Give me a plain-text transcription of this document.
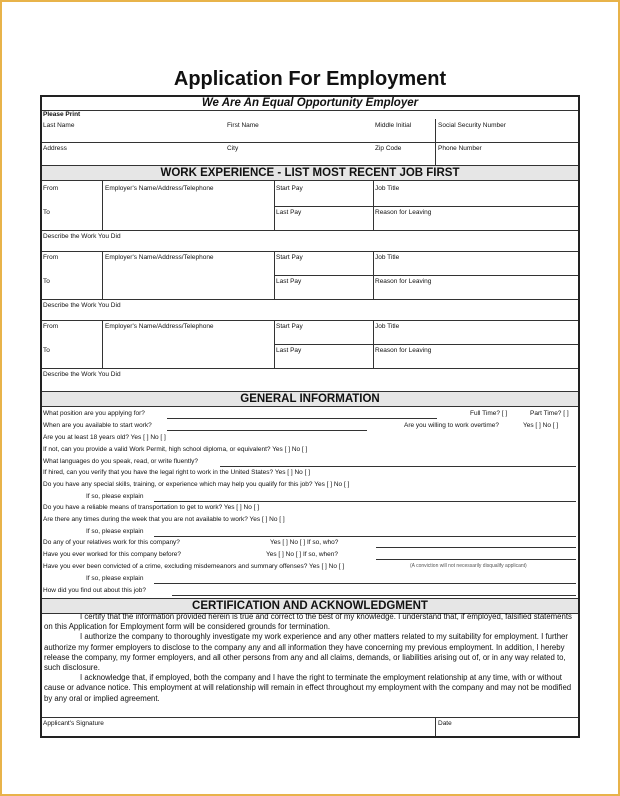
Application For Employment
We Are An Equal Opportunity Employer
Please Print
Last Name	First Name	Middle Initial	Social Security Number
Address	City	Zip Code	Phone Number
WORK EXPERIENCE - LIST MOST RECENT JOB FIRST
From	Employer's Name/Address/Telephone	Start Pay	Job Title
To	Last Pay	Reason for Leaving
Describe the Work You Did
From	Employer's Name/Address/Telephone	Start Pay	Job Title
To	Last Pay	Reason for Leaving
Describe the Work You Did
From	Employer's Name/Address/Telephone	Start Pay	Job Title
To	Last Pay	Reason for Leaving
Describe the Work You Did
GENERAL INFORMATION
What position are you applying for?	Full Time? [ ]	Part Time? [ ]
When are you available to start work?	Are you willing to work overtime?	Yes [ ] No [ ]
Are you at least 18 years old? Yes [ ] No [ ]
If not, can you provide a valid Work Permit, high school diploma, or equivalent? Yes [ ] No [ ]
What languages do you speak, read, or write fluently?
If hired, can you verify that you have the legal right to work in the United States? Yes [ ] No [ ]
Do you have any special skills, training, or experience which may help you qualify for this job? Yes [ ] No [ ]
If so, please explain
Do you have a reliable means of transportation to get to work? Yes [ ] No [ ]
Are there any times during the week that you are not available to work? Yes [ ] No [ ]
If so, please explain
Do any of your relatives work for this company?	Yes [ ] No [ ] If so, who?
Have you ever worked for this company before?	Yes [ ] No [ ] If so, when?
Have you ever been convicted of a crime, excluding misdemeanors and summary offenses? Yes [ ] No [ ]	(A conviction will not necessarily disqualify applicant)
If so, please explain
How did you find out about this job?
CERTIFICATION AND ACKNOWLEDGMENT

I certify that the information provided herein is true and correct to the best of my knowledge. I understand that, if employed, falsified statements on this Application for Employment form will be considered grounds for termination.

I authorize the company to thoroughly investigate my work experience and any other matters related to my suitability for employment. I further authorize my former employers to disclose to the company any and all information they have concerning my previous employment. In addition, I hereby release the company, my former employers, and all other persons from any and all claims, demands, or liabilities arising out of, or in any way related to, such disclosure.

I acknowledge that, if employed, both the company and I have the right to terminate the employment relationship at any time, with or without cause or advance notice. This employment at will relationship will remain in effect throughout my employment with the company and may not be modified by any oral or implied agreement.

Applicant's Signature	Date
